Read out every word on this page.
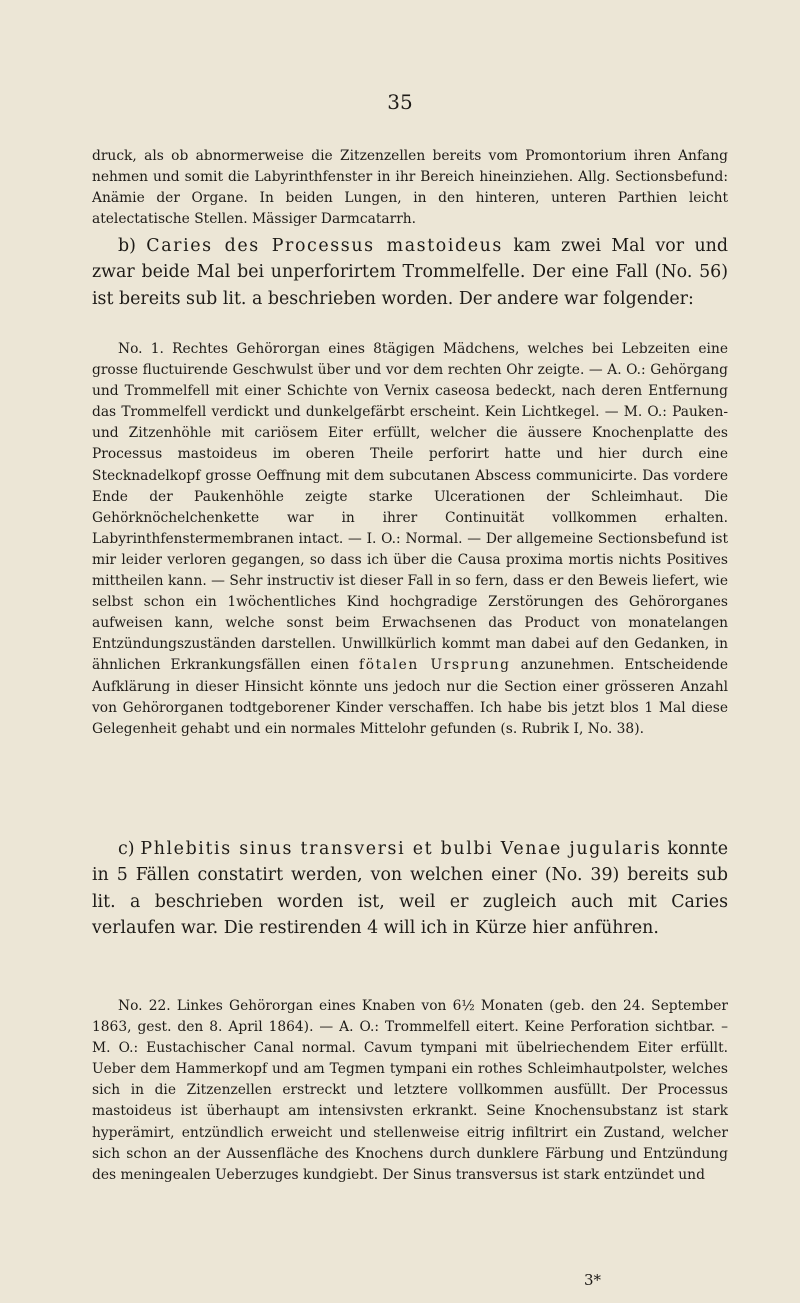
35

druck, als ob abnormerweise die Zitzenzellen bereits vom Promontorium ihren Anfang nehmen und somit die Labyrinthfenster in ihr Bereich hineinziehen. Allg. Sectionsbefund: Anämie der Organe. In beiden Lungen, in den hinteren, unteren Parthien leicht atelectatische Stellen. Mässiger Darmcatarrh.

b) Caries des Processus mastoideus kam zwei Mal vor und zwar beide Mal bei unperforirtem Trommelfelle. Der eine Fall (No. 56) ist bereits sub lit. a beschrieben worden. Der andere war folgender:

No. 1. Rechtes Gehörorgan eines 8tägigen Mädchens, welches bei Lebzeiten eine grosse fluctuirende Geschwulst über und vor dem rechten Ohr zeigte. — A. O.: Gehörgang und Trommelfell mit einer Schichte von Vernix caseosa bedeckt, nach deren Entfernung das Trommelfell verdickt und dunkelgefärbt erscheint. Kein Lichtkegel. — M. O.: Pauken- und Zitzenhöhle mit cariösem Eiter erfüllt, welcher die äussere Knochenplatte des Processus mastoideus im oberen Theile perforirt hatte und hier durch eine Stecknadelkopf grosse Oeffnung mit dem subcutanen Abscess communicirte. Das vordere Ende der Paukenhöhle zeigte starke Ulcerationen der Schleimhaut. Die Gehörknöchelchenkette war in ihrer Continuität vollkommen erhalten. Labyrinthfenstermembranen intact. — I. O.: Normal. — Der allgemeine Sectionsbefund ist mir leider verloren gegangen, so dass ich über die Causa proxima mortis nichts Positives mittheilen kann. — Sehr instructiv ist dieser Fall in so fern, dass er den Beweis liefert, wie selbst schon ein 1wöchentliches Kind hochgradige Zerstörungen des Gehörorganes aufweisen kann, welche sonst beim Erwachsenen das Product von monatelangen Entzündungszuständen darstellen. Unwillkürlich kommt man dabei auf den Gedanken, in ähnlichen Erkrankungsfällen einen fötalen Ursprung anzunehmen. Entscheidende Aufklärung in dieser Hinsicht könnte uns jedoch nur die Section einer grösseren Anzahl von Gehörorganen todtgeborener Kinder verschaffen. Ich habe bis jetzt blos 1 Mal diese Gelegenheit gehabt und ein normales Mittelohr gefunden (s. Rubrik I, No. 38).

c) Phlebitis sinus transversi et bulbi Venae jugularis konnte in 5 Fällen constatirt werden, von welchen einer (No. 39) bereits sub lit. a beschrieben worden ist, weil er zugleich auch mit Caries verlaufen war. Die restirenden 4 will ich in Kürze hier anführen.

No. 22. Linkes Gehörorgan eines Knaben von 6½ Monaten (geb. den 24. September 1863, gest. den 8. April 1864). — A. O.: Trommelfell eitert. Keine Perforation sichtbar. – M. O.: Eustachischer Canal normal. Cavum tympani mit übelriechendem Eiter erfüllt. Ueber dem Hammerkopf und am Tegmen tympani ein rothes Schleimhautpolster, welches sich in die Zitzenzellen erstreckt und letztere vollkommen ausfüllt. Der Processus mastoideus ist überhaupt am intensivsten erkrankt. Seine Knochensubstanz ist stark hyperämirt, entzündlich erweicht und stellenweise eitrig infiltrirt ein Zustand, welcher sich schon an der Aussenfläche des Knochens durch dunklere Färbung und Entzündung des meningealen Ueberzuges kundgiebt. Der Sinus transversus ist stark entzündet und

3*
